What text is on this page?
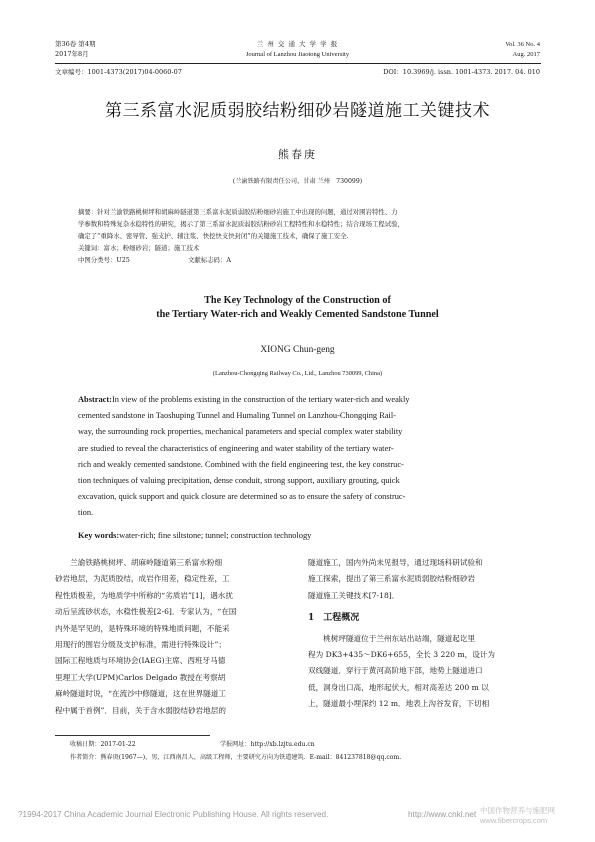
第36卷 第4期
2017年8月
兰 州 交 通 大 学 学 报
Journal of Lanzhou Jiaotong University
Vol. 36 No. 4
Aug. 2017
文章编号：1001-4373(2017)04-0060-07	DOI：10.3969/j. issn. 1001-4373. 2017. 04. 010
第三系富水泥质弱胶结粉细砂岩隧道施工关键技术
熊春庚
(兰渝铁路有限责任公司，甘肃 兰州　730099)
摘要：针对兰渝铁路桃树坪和胡麻岭隧道第三系富水泥质弱胶结粉细砂岩施工中出现的问题，通过对围岩特性、力
学参数和特殊复杂水稳特性的研究，揭示了第三系富水泥质弱胶结粉砂岩工程特性和水稳特性；结合现场工程试验，
确定了“重降水、密导管、强支护、辅注浆、快挖快支快封闭”的关键施工技术，确保了施工安全.
关键词：富水；粉细砂岩；隧道；施工技术
中图分类号：U25	文献标志码：A
The Key Technology of the Construction of
the Tertiary Water-rich and Weakly Cemented Sandstone Tunnel
XIONG Chun-geng
(Lanzhou-Chongqing Railway Co., Ltd., Lanzhou 730099, China)
Abstract:In view of the problems existing in the construction of the tertiary water-rich and weakly
cemented sandstone in Taoshuping Tunnel and Humaling Tunnel on Lanzhou-Chongqing Rail-
way, the surrounding rock properties, mechanical parameters and special complex water stability
are studied to reveal the characteristics of engineering and water stability of the tertiary water-
rich and weakly cemented sandstone. Combined with the field engineering test, the key construc-
tion techniques of valuing precipitation, dense conduit, strong support, auxiliary grouting, quick
excavation, quick support and quick closure are determined so as to ensure the safety of construc-
tion.
Key words:water-rich; fine siltstone; tunnel; construction technology
　　兰渝铁路桃树坪、胡麻岭隧道第三系富水粉细
砂岩地层，为泥质胶结，成岩作用差，稳定性差，工
程性质极差，为地质学中所称的“劣质岩”[1]，遇水扰
动后呈流砂状态，水稳性极差[2-6]．专家认为，“在国
内外是罕见的，是特殊环境的特殊地质问题，不能采
用现行的围岩分级及支护标准，需进行特殊设计”；
国际工程地质与环境协会(IAEG)主席、西班牙马德
里理工大学(UPM)Carlos Delgado 教授在考察胡
麻岭隧道时说，“在流沙中修隧道，这在世界隧道工
程中属于首例”．目前，关于含水弱胶结砂岩地层的
隧道施工，国内外尚未见报导，通过现场科研试验和
施工探索，提出了第三系富水泥质弱胶结粉细砂岩
隧道施工关键技术[7-18]．
1　工程概况
　　桃树坪隧道位于兰州东站出站端，隧道起讫里
程为 DK3+435～DK6+655，全长 3 220 m，设计为
双线隧道．穿行于黄河高阶地下部，地势上隧道进口
低，洞身出口高，地形起伏大，相对高差达 200 m 以
上，隧道最小埋深约 12 m．地表上沟谷发育，下切相
收稿日期：2017-01-22	学报网址：http://xb.lzjtu.edu.cn
作者简介：熊春庚(1967—)，男，江西南昌人，高级工程师，主要研究方向为铁道建筑．E-mail：841237818@qq.com.
?1994-2017 China Academic Journal Electronic Publishing House. All rights reserved.	http://www.cnki.net 中国作物营养与施肥网 www.fibercrops.com
